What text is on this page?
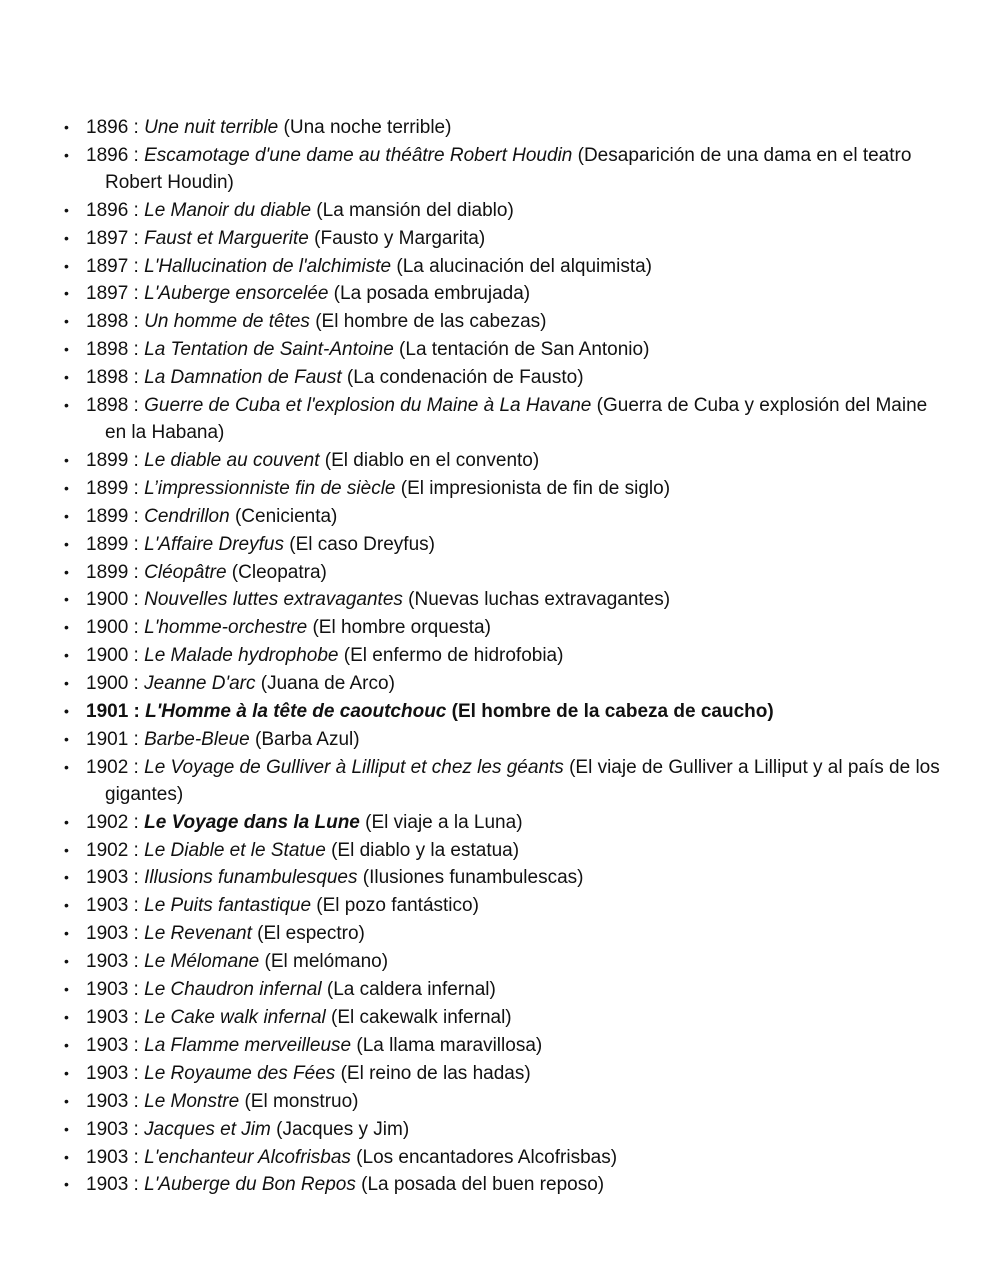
• 1896 : Une nuit terrible (Una noche terrible)
• 1896 : Escamotage d'une dame au théâtre Robert Houdin (Desaparición de una dama en el teatro Robert Houdin)
• 1896 : Le Manoir du diable (La mansión del diablo)
• 1897 : Faust et Marguerite (Fausto y Margarita)
• 1897 : L'Hallucination de l'alchimiste (La alucinación del alquimista)
• 1897 : L'Auberge ensorcelée (La posada embrujada)
• 1898 : Un homme de têtes (El hombre de las cabezas)
• 1898 : La Tentation de Saint-Antoine (La tentación de San Antonio)
• 1898 : La Damnation de Faust (La condenación de Fausto)
• 1898 : Guerre de Cuba et l'explosion du Maine à La Havane (Guerra de Cuba y explosión del Maine en la Habana)
• 1899 : Le diable au couvent (El diablo en el convento)
• 1899 : L’impressionniste fin de siècle (El impresionista de fin de siglo)
• 1899 : Cendrillon (Cenicienta)
• 1899 : L'Affaire Dreyfus (El caso Dreyfus)
• 1899 : Cléopâtre (Cleopatra)
• 1900 : Nouvelles luttes extravagantes (Nuevas luchas extravagantes)
• 1900 : L'homme-orchestre (El hombre orquesta)
• 1900 : Le Malade hydrophobe (El enfermo de hidrofobia)
• 1900 : Jeanne D'arc (Juana de Arco)
• 1901 : L'Homme à la tête de caoutchouc (El hombre de la cabeza de caucho)
• 1901 : Barbe-Bleue (Barba Azul)
• 1902 : Le Voyage de Gulliver à Lilliput et chez les géants (El viaje de Gulliver a Lilliput y al país de los gigantes)
• 1902 : Le Voyage dans la Lune (El viaje a la Luna)
• 1902 : Le Diable et le Statue (El diablo y la estatua)
• 1903 : Illusions funambulesques (Ilusiones funambulescas)
• 1903 : Le Puits fantastique (El pozo fantástico)
• 1903 : Le Revenant (El espectro)
• 1903 : Le Mélomane (El melómano)
• 1903 : Le Chaudron infernal (La caldera infernal)
• 1903 : Le Cake walk infernal (El cakewalk infernal)
• 1903 : La Flamme merveilleuse (La llama maravillosa)
• 1903 : Le Royaume des Fées (El reino de las hadas)
• 1903 : Le Monstre (El monstruo)
• 1903 : Jacques et Jim (Jacques y Jim)
• 1903 : L'enchanteur Alcofrisbas (Los encantadores Alcofrisbas)
• 1903 : L'Auberge du Bon Repos (La posada del buen reposo)
